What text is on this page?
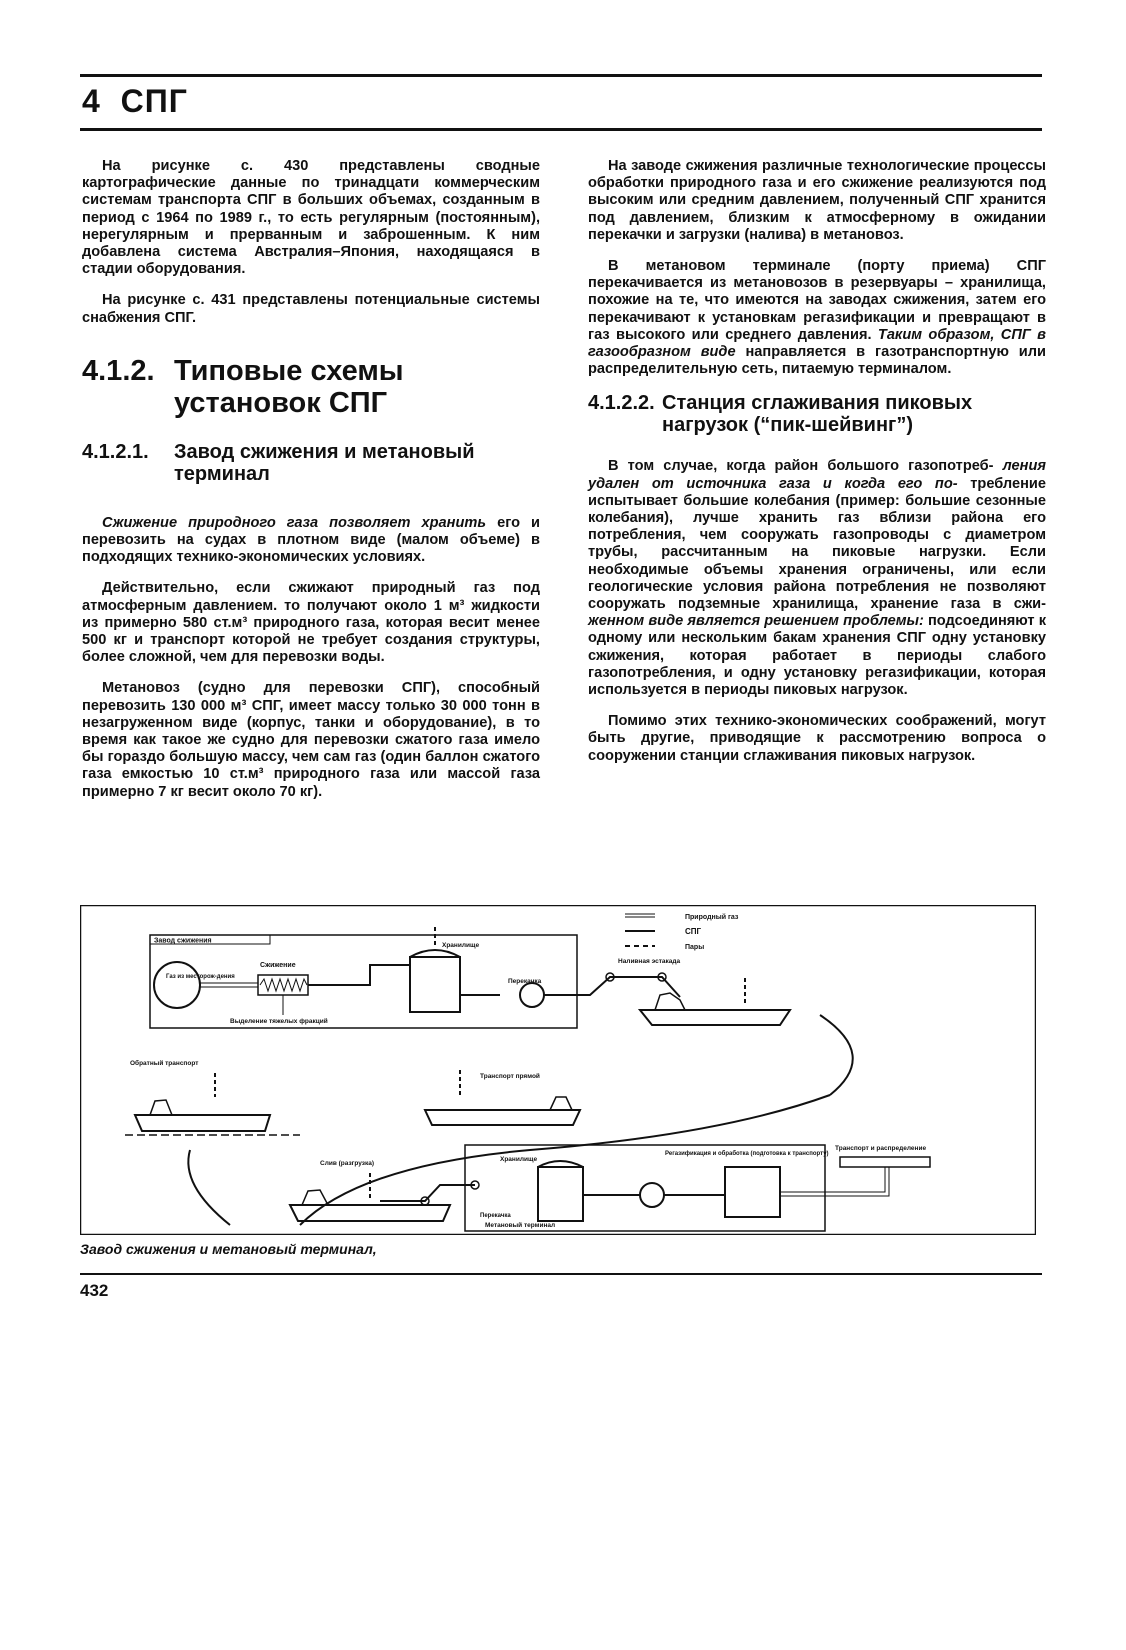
4 СПГ

На рисунке с. 430 представлены сводные картографические данные по тринадцати коммерческим системам транспорта СПГ в больших объемах, созданным в период с 1964 по 1989 г., то есть регулярным (постоянным), нерегулярным и прерванным и заброшенным. К ним добавлена система Австралия–Япония, находящаяся в стадии оборудования.

На рисунке с. 431 представлены потенциальные системы снабжения СПГ.

4.1.2. Типовые схемы установок СПГ
4.1.2.1.	Завод сжижения и метановый терминал

Сжижение природного газа позволяет хранить его и перевозить на судах в плотном виде (малом объеме) в подходящих технико-экономических условиях.

Действительно, если сжижают природный газ под атмосферным давлением. то получают около 1 м³ жидкости из примерно 580 ст.м³ природного газа, которая весит менее 500 кг и транспорт которой не требует создания структуры, более сложной, чем для перевозки воды.

Метановоз (судно для перевозки СПГ), способный перевозить 130 000 м³ СПГ, имеет массу только 30 000 тонн в незагруженном виде (корпус, танки и оборудование), в то время как такое же судно для перевозки сжатого газа имело бы гораздо большую массу, чем сам газ (один баллон сжатого газа емкостью 10 ст.м³ природного газа или массой газа примерно 7 кг весит около 70 кг).

На заводе сжижения различные технологические процессы обработки природного газа и его сжижение реализуются под высоким или средним давлением, полученный СПГ хранится под давлением, близким к атмосферному в ожидании перекачки и загрузки (налива) в метановоз.

В метановом терминале (порту приема) СПГ перекачивается из метановозов в резервуары – хранилища, похожие на те, что имеются на заводах сжижения, затем его перекачивают к установкам регазификации и превращают в газ высокого или среднего давления. Таким образом, СПГ в газообразном виде направляется в газотранспортную или распределительную сеть, питаемую терминалом.

4.1.2.2. Станция сглаживания пиковых нагрузок (“пик-шейвинг”)

В том случае, когда район большого газопотреб- ления удален от источника газа и когда его по- требление испытывает большие колебания (пример: большие сезонные колебания), лучше хранить газ вблизи района его потребления, чем сооружать газопроводы с диаметром трубы, рассчитанным на пиковые нагрузки. Если необходимые объемы хранения ограничены, или если геологические условия района потребления не позволяют сооружать подземные хранилища, хранение газа в сжи- женном виде является решением проблемы: подсоединяют к одному или нескольким бакам хранения СПГ одну установку сжижения, которая работает в периоды слабого газопотребления, и одну установку регазификации, которая используется в периоды пиковых нагрузок.

Помимо этих технико-экономических соображений, могут быть другие, приводящие к рассмотрению вопроса о сооружении станции сглаживания пиковых нагрузок.

Природный газ
СПГ
Пары
Завод сжижения
Газ из месторож-дения
Сжижение
Выделение тяжелых фракций
Хранилище
Перекачка
Наливная эстакада
Обратный транспорт
Транспорт прямой
Слив (разгрузка)
Метановый терминал
Хранилище
Перекачка
Регазификация и обработка (подготовка к транспорту)
Транспорт и распределение

Завод сжижения и метановый терминал,

432
